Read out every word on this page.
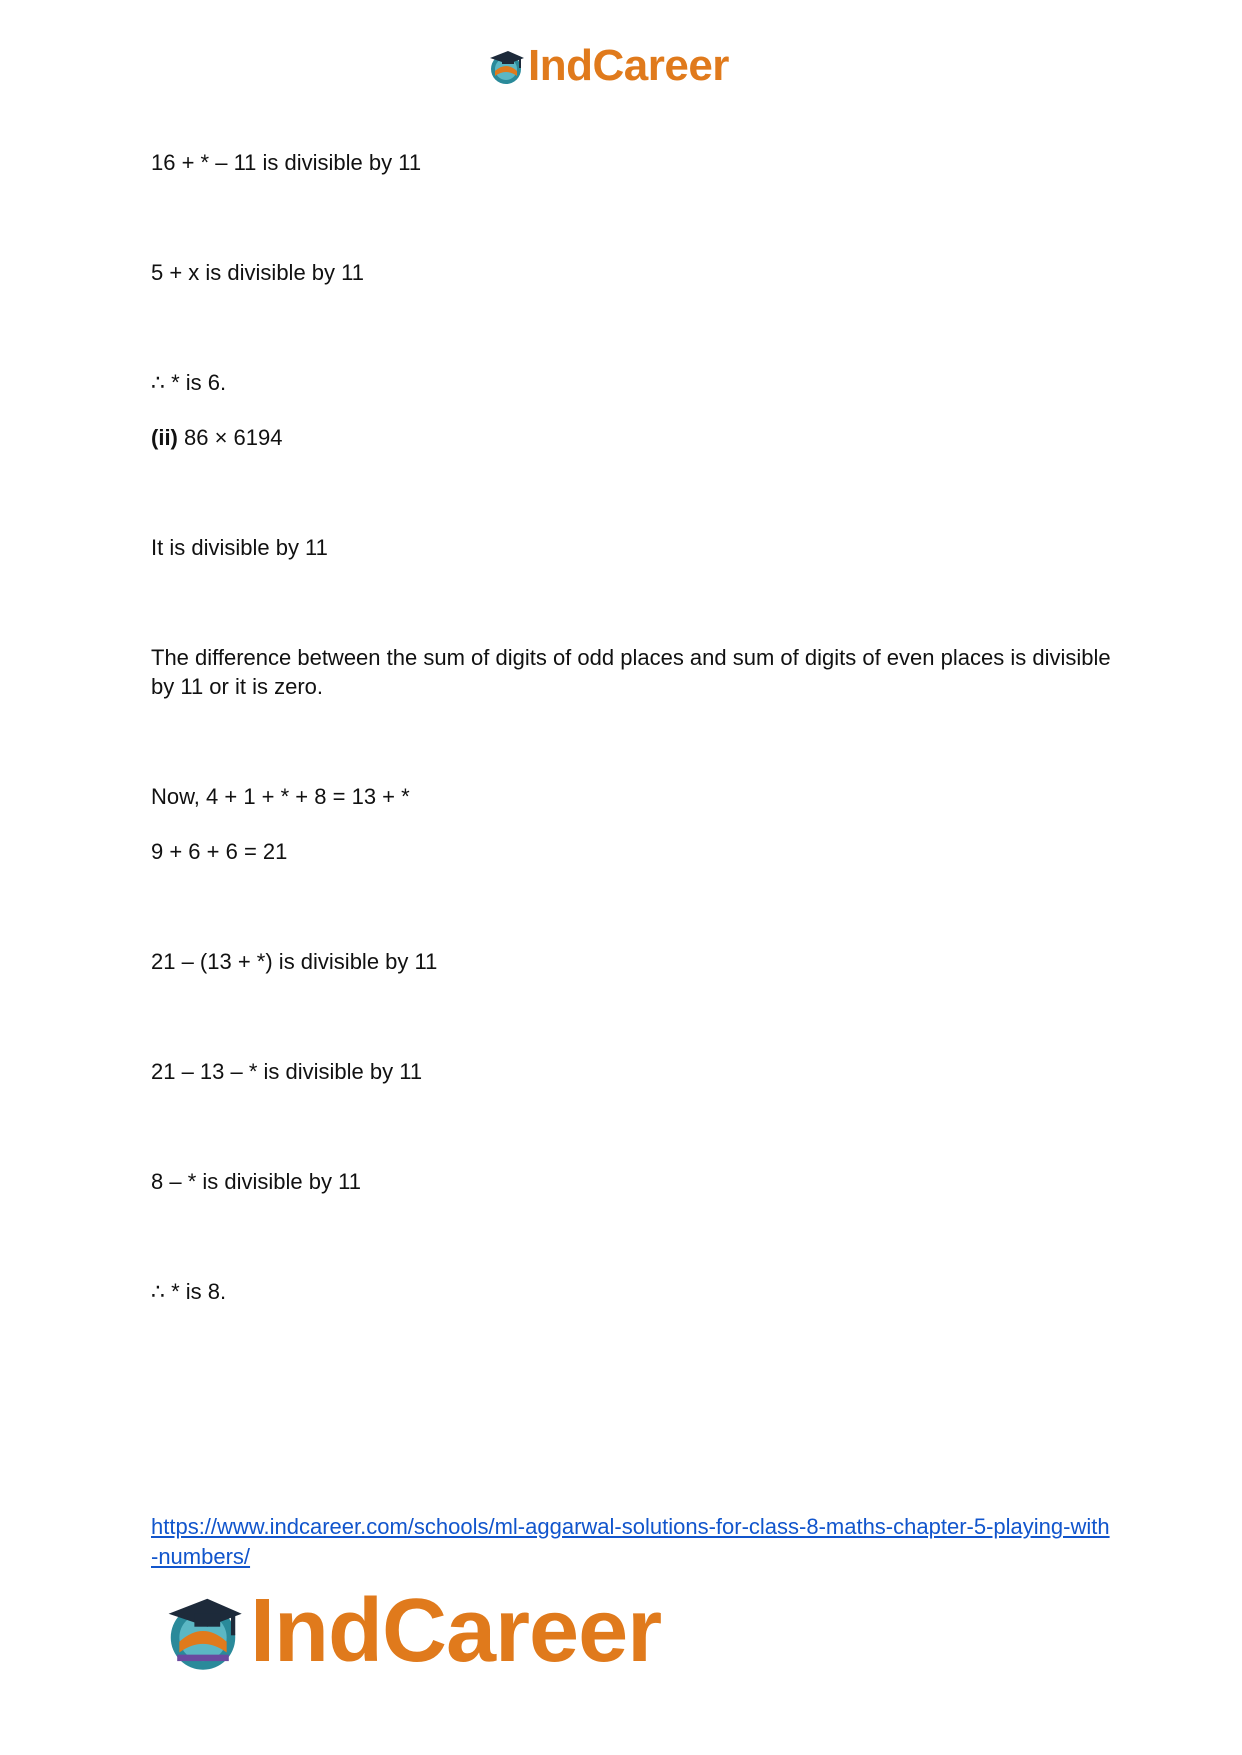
IndCareer
16 + * – 11 is divisible by 11
5 + x is divisible by 11
∴ * is 6.
(ii) 86 × 6194
It is divisible by 11
The difference between the sum of digits of odd places and sum of digits of even places is divisible by 11 or it is zero.
Now, 4 + 1 + * + 8 = 13 + *
9 + 6 + 6 = 21
21 – (13 + *) is divisible by 11
21 – 13 – * is divisible by 11
8 – * is divisible by 11
∴ * is 8.
https://www.indcareer.com/schools/ml-aggarwal-solutions-for-class-8-maths-chapter-5-playing-with-numbers/
IndCareer
